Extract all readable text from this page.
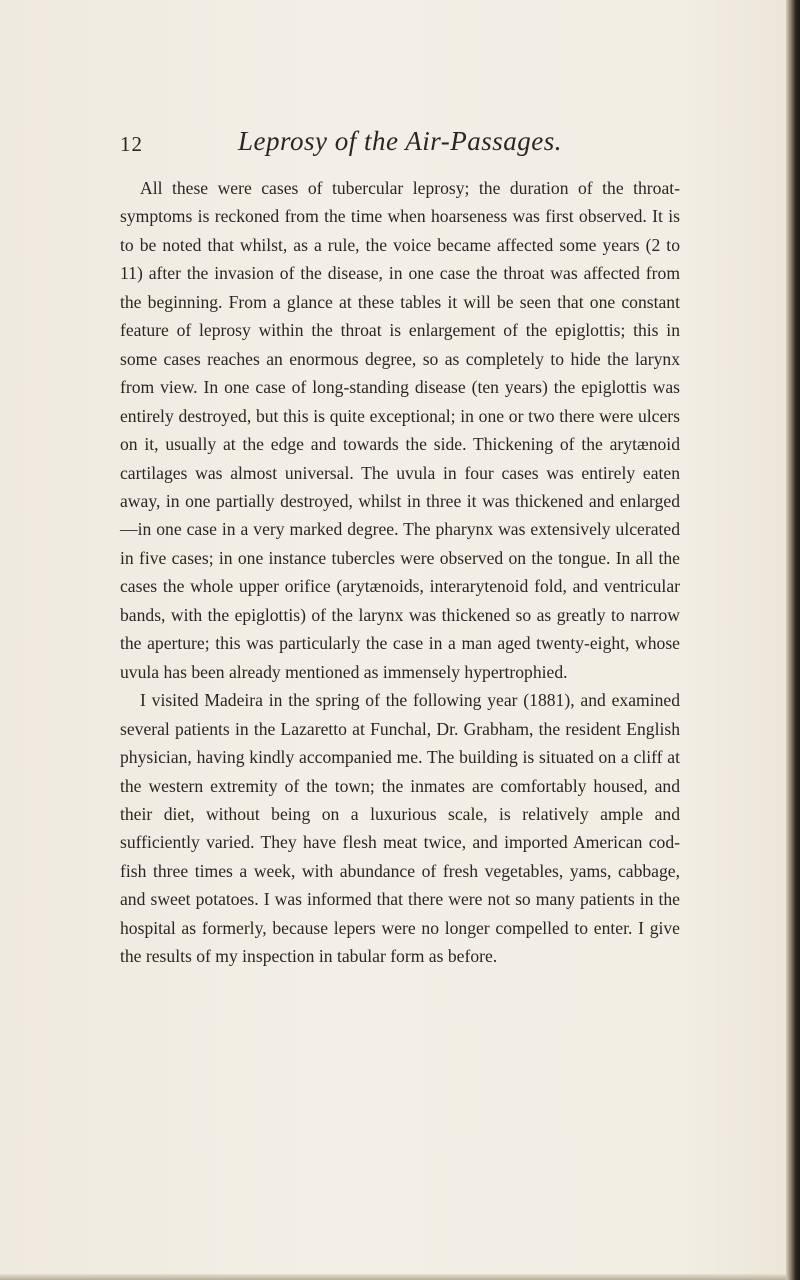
12	Leprosy of the Air-Passages.

All these were cases of tubercular leprosy; the duration of the throat-symptoms is reckoned from the time when hoarseness was first observed. It is to be noted that whilst, as a rule, the voice became affected some years (2 to 11) after the invasion of the disease, in one case the throat was affected from the beginning. From a glance at these tables it will be seen that one constant feature of leprosy within the throat is enlargement of the epiglottis; this in some cases reaches an enormous degree, so as completely to hide the larynx from view. In one case of long-standing disease (ten years) the epiglottis was entirely destroyed, but this is quite exceptional; in one or two there were ulcers on it, usually at the edge and towards the side. Thickening of the arytænoid cartilages was almost universal. The uvula in four cases was entirely eaten away, in one partially destroyed, whilst in three it was thickened and enlarged—in one case in a very marked degree. The pharynx was extensively ulcerated in five cases; in one instance tubercles were observed on the tongue. In all the cases the whole upper orifice (arytænoids, interarytenoid fold, and ventricular bands, with the epiglottis) of the larynx was thickened so as greatly to narrow the aperture; this was particularly the case in a man aged twenty-eight, whose uvula has been already mentioned as immensely hypertrophied.

I visited Madeira in the spring of the following year (1881), and examined several patients in the Lazaretto at Funchal, Dr. Grabham, the resident English physician, having kindly accompanied me. The building is situated on a cliff at the western extremity of the town; the inmates are comfortably housed, and their diet, without being on a luxurious scale, is relatively ample and sufficiently varied. They have flesh meat twice, and imported American cod-fish three times a week, with abundance of fresh vegetables, yams, cabbage, and sweet potatoes. I was informed that there were not so many patients in the hospital as formerly, because lepers were no longer compelled to enter. I give the results of my inspection in tabular form as before.
